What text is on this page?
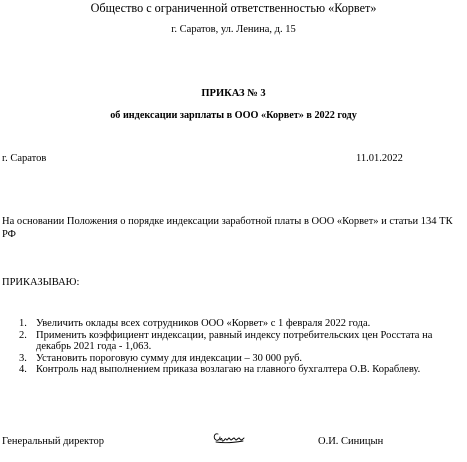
Общество с ограниченной ответственностью «Корвет»
г. Саратов, ул. Ленина, д. 15
ПРИКАЗ № 3
об индексации зарплаты в ООО «Корвет» в 2022 году
г. Саратов	11.01.2022
На основании Положения о порядке индексации заработной платы в ООО «Корвет» и статьи 134 ТК РФ
ПРИКАЗЫВАЮ:
1. Увеличить оклады всех сотрудников ООО «Корвет» с 1 февраля 2022 года.
2. Применить коэффициент индексации, равный индексу потребительских цен Росстата на декабрь 2021 года - 1,063.
3. Установить пороговую сумму для индексации – 30 000 руб.
4. Контроль над выполнением приказа возлагаю на главного бухгалтера О.В. Кораблеву.
Генеральный директор	О.И. Синицын
